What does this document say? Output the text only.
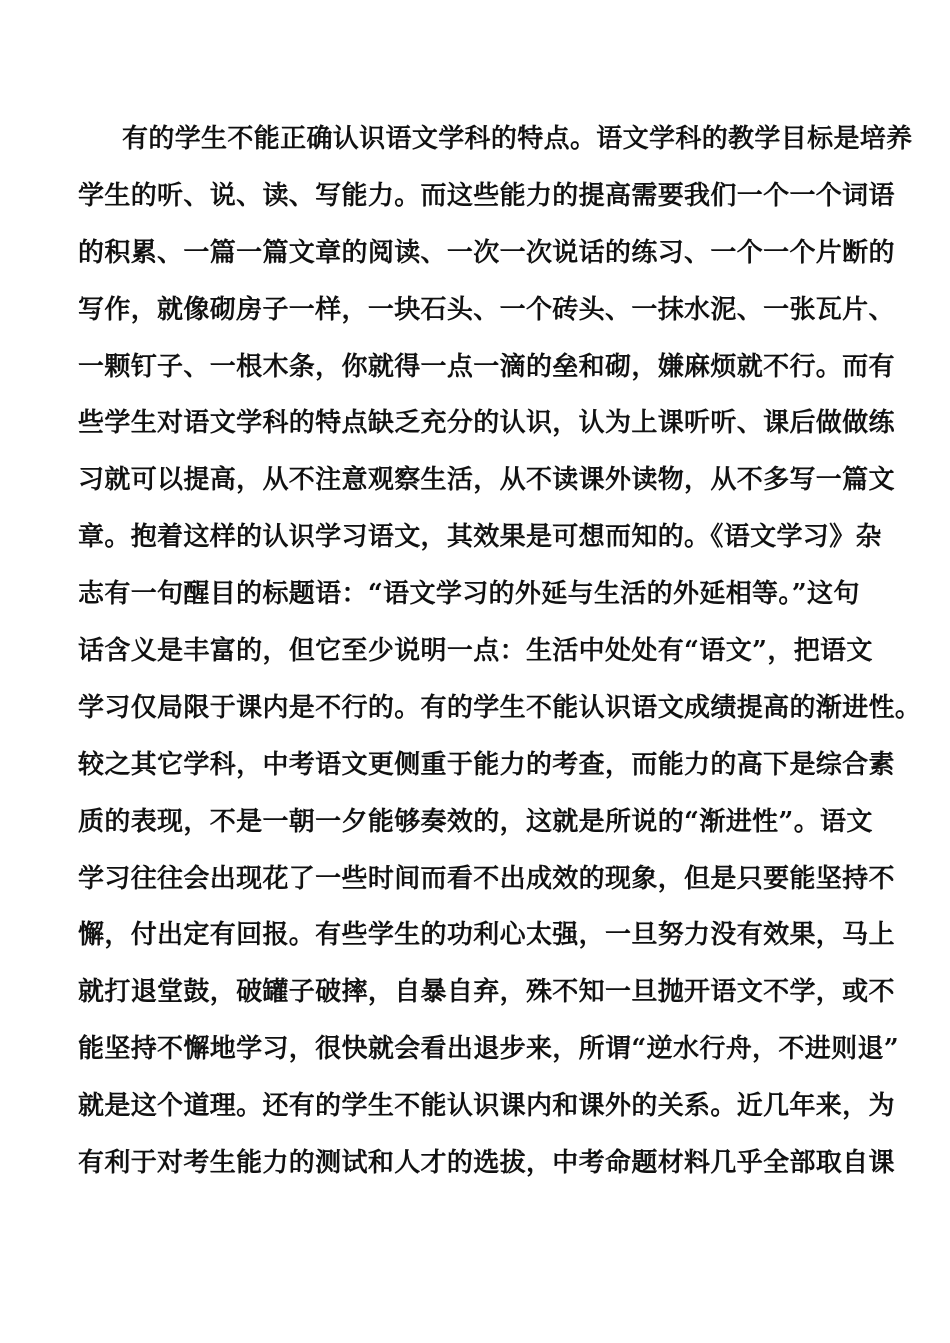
有的学生不能正确认识语文学科的特点。语文学科的教学目标是培养
学生的听、说、读、写能力。而这些能力的提高需要我们一个一个词语
的积累、一篇一篇文章的阅读、一次一次说话的练习、一个一个片断的
写作，就像砌房子一样，一块石头、一个砖头、一抹水泥、一张瓦片、
一颗钉子、一根木条，你就得一点一滴的垒和砌，嫌麻烦就不行。而有
些学生对语文学科的特点缺乏充分的认识，认为上课听听、课后做做练
习就可以提高，从不注意观察生活，从不读课外读物，从不多写一篇文
章。抱着这样的认识学习语文，其效果是可想而知的。《语文学习》杂
志有一句醒目的标题语：“语文学习的外延与生活的外延相等。”这句
话含义是丰富的，但它至少说明一点：生活中处处有“语文”，把语文
学习仅局限于课内是不行的。有的学生不能认识语文成绩提高的渐进性。
较之其它学科，中考语文更侧重于能力的考查，而能力的高下是综合素
质的表现，不是一朝一夕能够奏效的，这就是所说的“渐进性”。语文
学习往往会出现花了一些时间而看不出成效的现象，但是只要能坚持不
懈，付出定有回报。有些学生的功利心太强，一旦努力没有效果，马上
就打退堂鼓，破罐子破摔，自暴自弃，殊不知一旦抛开语文不学，或不
能坚持不懈地学习，很快就会看出退步来，所谓“逆水行舟，不进则退”
就是这个道理。还有的学生不能认识课内和课外的关系。近几年来，为
有利于对考生能力的测试和人才的选拔，中考命题材料几乎全部取自课
